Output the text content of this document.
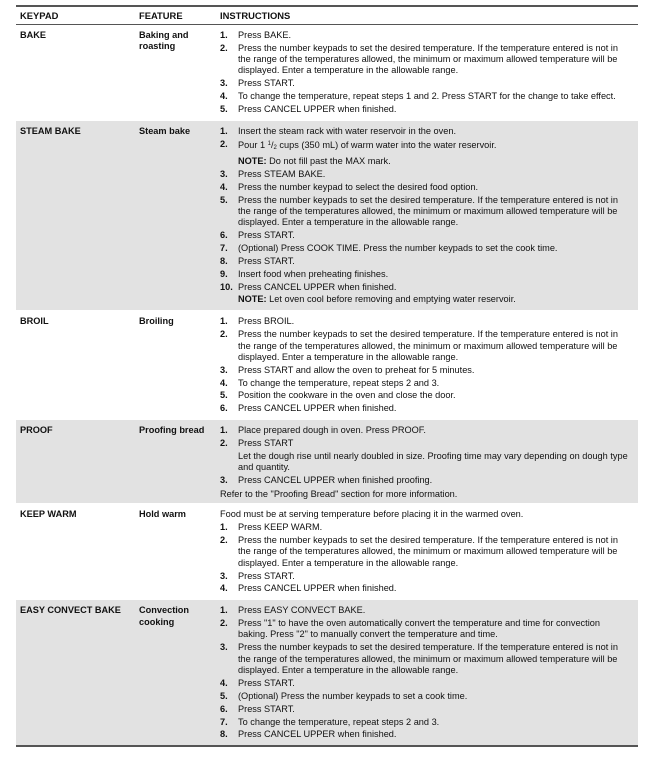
KEYPAD	FEATURE	INSTRUCTIONS
BAKE	Baking and roasting
1.	Press BAKE.
2.	Press the number keypads to set the desired temperature. If the temperature entered is not in the range of the temperatures allowed, the minimum or maximum allowed temperature will be displayed. Enter a temperature in the allowable range.
3.	Press START.
4.	To change the temperature, repeat steps 1 and 2. Press START for the change to take effect.
5.	Press CANCEL UPPER when finished.
STEAM BAKE	Steam bake	1.	Insert the steam rack with water reservoir in the oven.
2.	Pour 1 $^1/_2$ cups (350 mL) of warm water into the water reservoir.
NOTE: Do not fill past the MAX mark.
3.	Press STEAM BAKE.
4.	Press the number keypad to select the desired food option.
5.	Press the number keypads to set the desired temperature. If the temperature entered is not in the range of the temperatures allowed, the minimum or maximum allowed temperature will be displayed. Enter a temperature in the allowable range.
6.	Press START.
7.	(Optional) Press COOK TIME. Press the number keypads to set the cook time.
8.	Press START.
9.	Insert food when preheating finishes.
10. Press CANCEL UPPER when finished.
NOTE: Let oven cool before removing and emptying water reservoir.
BROIL	Broiling	1.	Press BROIL.
2.	Press the number keypads to set the desired temperature. If the temperature entered is not in the range of the temperatures allowed, the minimum or maximum allowed temperature will be displayed. Enter a temperature in the allowable range.
3.	Press START and allow the oven to preheat for 5 minutes.
4.	To change the temperature, repeat steps 2 and 3.
5.	Position the cookware in the oven and close the door.
6.	Press CANCEL UPPER when finished.
PROOF	Proofing bread	1.	Place prepared dough in oven. Press PROOF.
2.	Press START
Let the dough rise until nearly doubled in size. Proofing time may vary depending on dough type and quantity.
3.	Press CANCEL UPPER when finished proofing.
Refer to the "Proofing Bread" section for more information.
KEEP WARM	Hold warm	Food must be at serving temperature before placing it in the warmed oven.
1.	Press KEEP WARM.
2.	Press the number keypads to set the desired temperature. If the temperature entered is not in the range of the temperatures allowed, the minimum or maximum allowed temperature will be displayed. Enter a temperature in the allowable range.
3.	Press START.
4.	Press CANCEL UPPER when finished.
EASY CONVECT BAKE	Convection cooking
1.	Press EASY CONVECT BAKE.
2.	Press "1" to have the oven automatically convert the temperature and time for convection baking. Press "2" to manually convert the temperature and time.
3.	Press the number keypads to set the desired temperature. If the temperature entered is not in the range of the temperatures allowed, the minimum or maximum allowed temperature will be displayed. Enter a temperature in the allowable range.
4.	Press START.
5.	(Optional) Press the number keypads to set a cook time.
6.	Press START.
7.	To change the temperature, repeat steps 2 and 3.
8.	Press CANCEL UPPER when finished.
